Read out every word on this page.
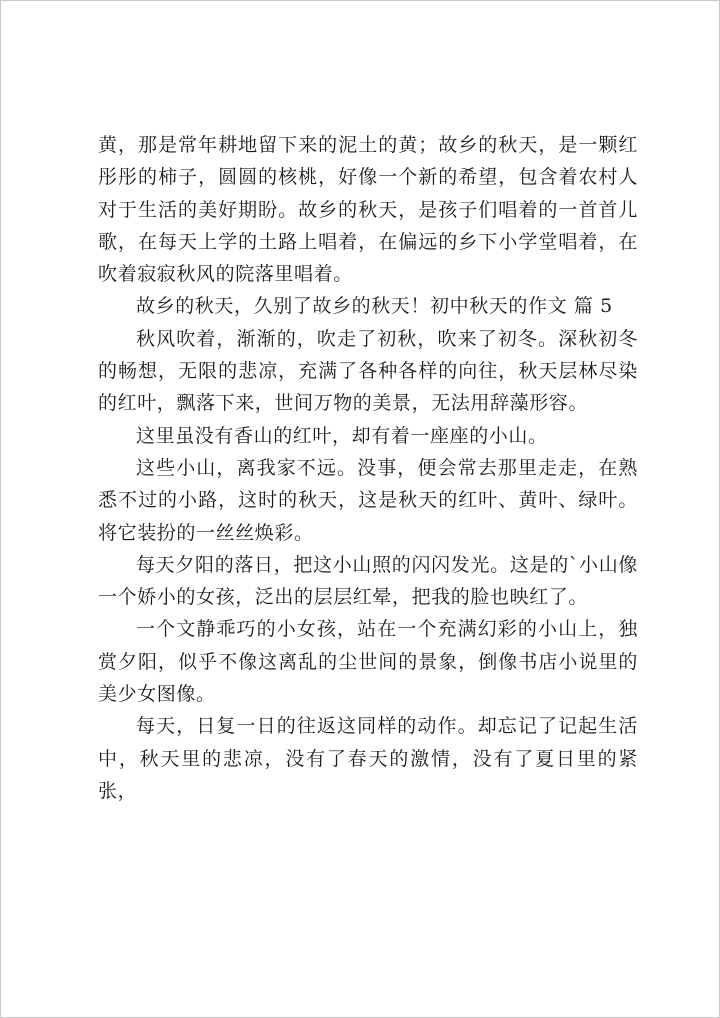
黄，那是常年耕地留下来的泥土的黄；故乡的秋天，是一颗红彤彤的柿子，圆圆的核桃，好像一个新的希望，包含着农村人对于生活的美好期盼。故乡的秋天，是孩子们唱着的一首首儿歌，在每天上学的土路上唱着，在偏远的乡下小学堂唱着，在吹着寂寂秋风的院落里唱着。

故乡的秋天，久别了故乡的秋天！初中秋天的作文 篇 5

秋风吹着，渐渐的，吹走了初秋，吹来了初冬。深秋初冬的畅想，无限的悲凉，充满了各种各样的向往，秋天层林尽染的红叶，飘落下来，世间万物的美景，无法用辞藻形容。

这里虽没有香山的红叶，却有着一座座的小山。

这些小山，离我家不远。没事，便会常去那里走走，在熟悉不过的小路，这时的秋天，这是秋天的红叶、黄叶、绿叶。将它装扮的一丝丝焕彩。

每天夕阳的落日，把这小山照的闪闪发光。这是的`小山像一个娇小的女孩，泛出的层层红晕，把我的脸也映红了。

一个文静乖巧的小女孩，站在一个充满幻彩的小山上，独赏夕阳，似乎不像这离乱的尘世间的景象，倒像书店小说里的美少女图像。

每天，日复一日的往返这同样的动作。却忘记了记起生活中，秋天里的悲凉，没有了春天的激情，没有了夏日里的紧张，
